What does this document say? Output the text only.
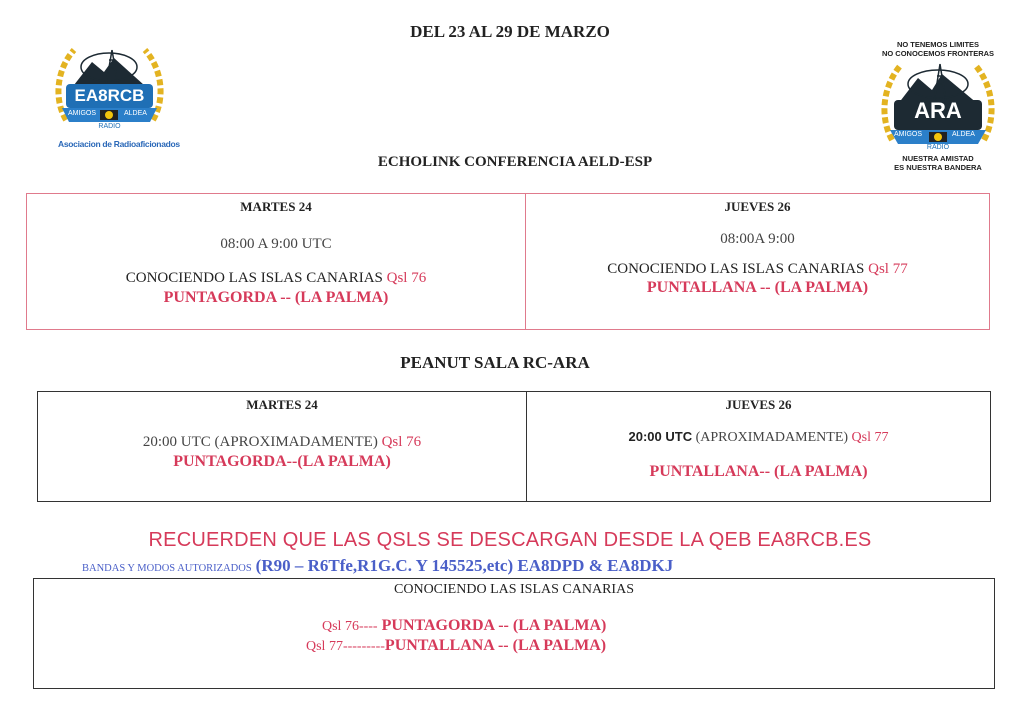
DEL 23 AL 29 DE MARZO
EA8RCB
AMIGOS	ALDEA
RADIO
Asociacion de Radioaficionados
NO TENEMOS LIMITES
NO CONOCEMOS FRONTERAS
ARA
AMIGOS	ALDEA
RADIO
NUESTRA AMISTAD
ES NUESTRA BANDERA
ECHOLINK CONFERENCIA AELD-ESP
MARTES 24
08:00 A 9:00 UTC
CONOCIENDO LAS ISLAS CANARIAS Qsl 76
PUNTAGORDA -- (LA PALMA)
JUEVES 26
08:00A 9:00
CONOCIENDO LAS ISLAS CANARIAS Qsl 77
PUNTALLANA -- (LA PALMA)
PEANUT SALA RC-ARA
MARTES 24
20:00 UTC (APROXIMADAMENTE) Qsl 76
PUNTAGORDA--(LA PALMA)
JUEVES 26
20:00 UTC (APROXIMADAMENTE) Qsl 77
PUNTALLANA-- (LA PALMA)
RECUERDEN QUE LAS QSLS SE DESCARGAN DESDE LA QEB EA8RCB.ES
BANDAS Y MODOS AUTORIZADOS (R90 – R6Tfe,R1G.C. Y 145525,etc) EA8DPD & EA8DKJ
CONOCIENDO LAS ISLAS CANARIAS
Qsl 76---- PUNTAGORDA -- (LA PALMA)
Qsl 77---------PUNTALLANA -- (LA PALMA)
